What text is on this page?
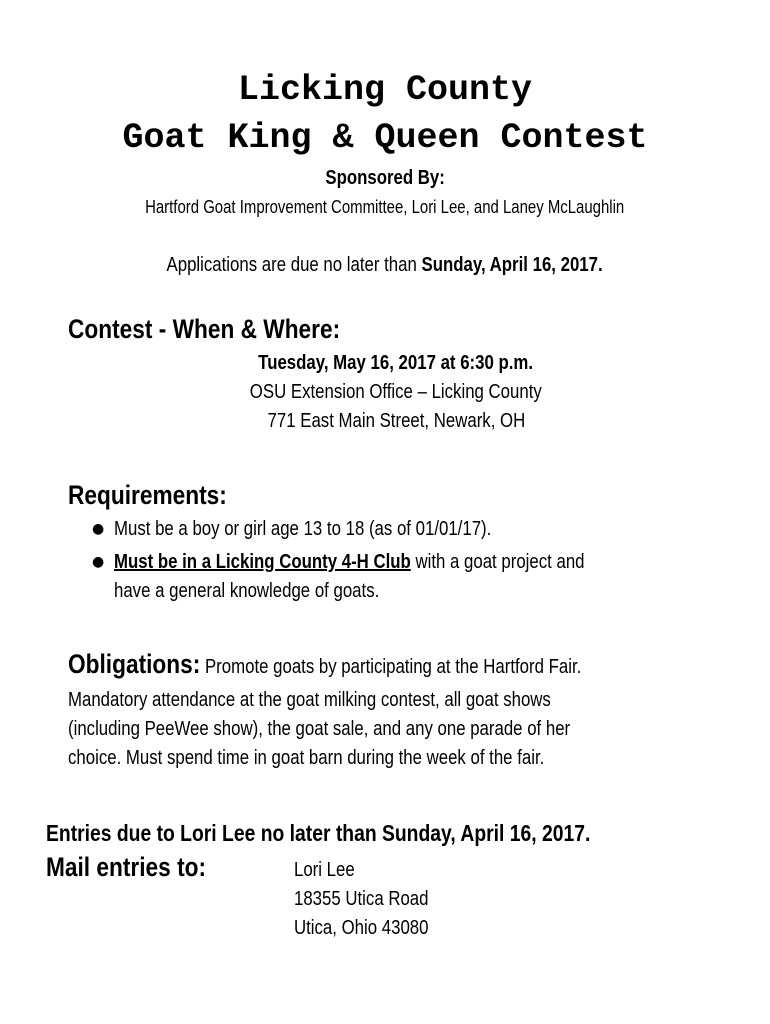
Licking County
Goat King & Queen Contest
Sponsored By:
Hartford Goat Improvement Committee, Lori Lee, and Laney McLaughlin
Applications are due no later than Sunday, April 16, 2017.
Contest - When & Where:
Tuesday, May 16, 2017 at 6:30 p.m.
OSU Extension Office – Licking County
771 East Main Street, Newark, OH
Requirements:
● Must be a boy or girl age 13 to 18 (as of 01/01/17).
● Must be in a Licking County 4-H Club with a goat project and
have a general knowledge of goats.
Obligations: Promote goats by participating at the Hartford Fair.
Mandatory attendance at the goat milking contest, all goat shows
(including PeeWee show), the goat sale, and any one parade of her
choice. Must spend time in goat barn during the week of the fair.
Entries due to Lori Lee no later than Sunday, April 16, 2017.
Mail entries to:	Lori Lee
18355 Utica Road
Utica, Ohio 43080
